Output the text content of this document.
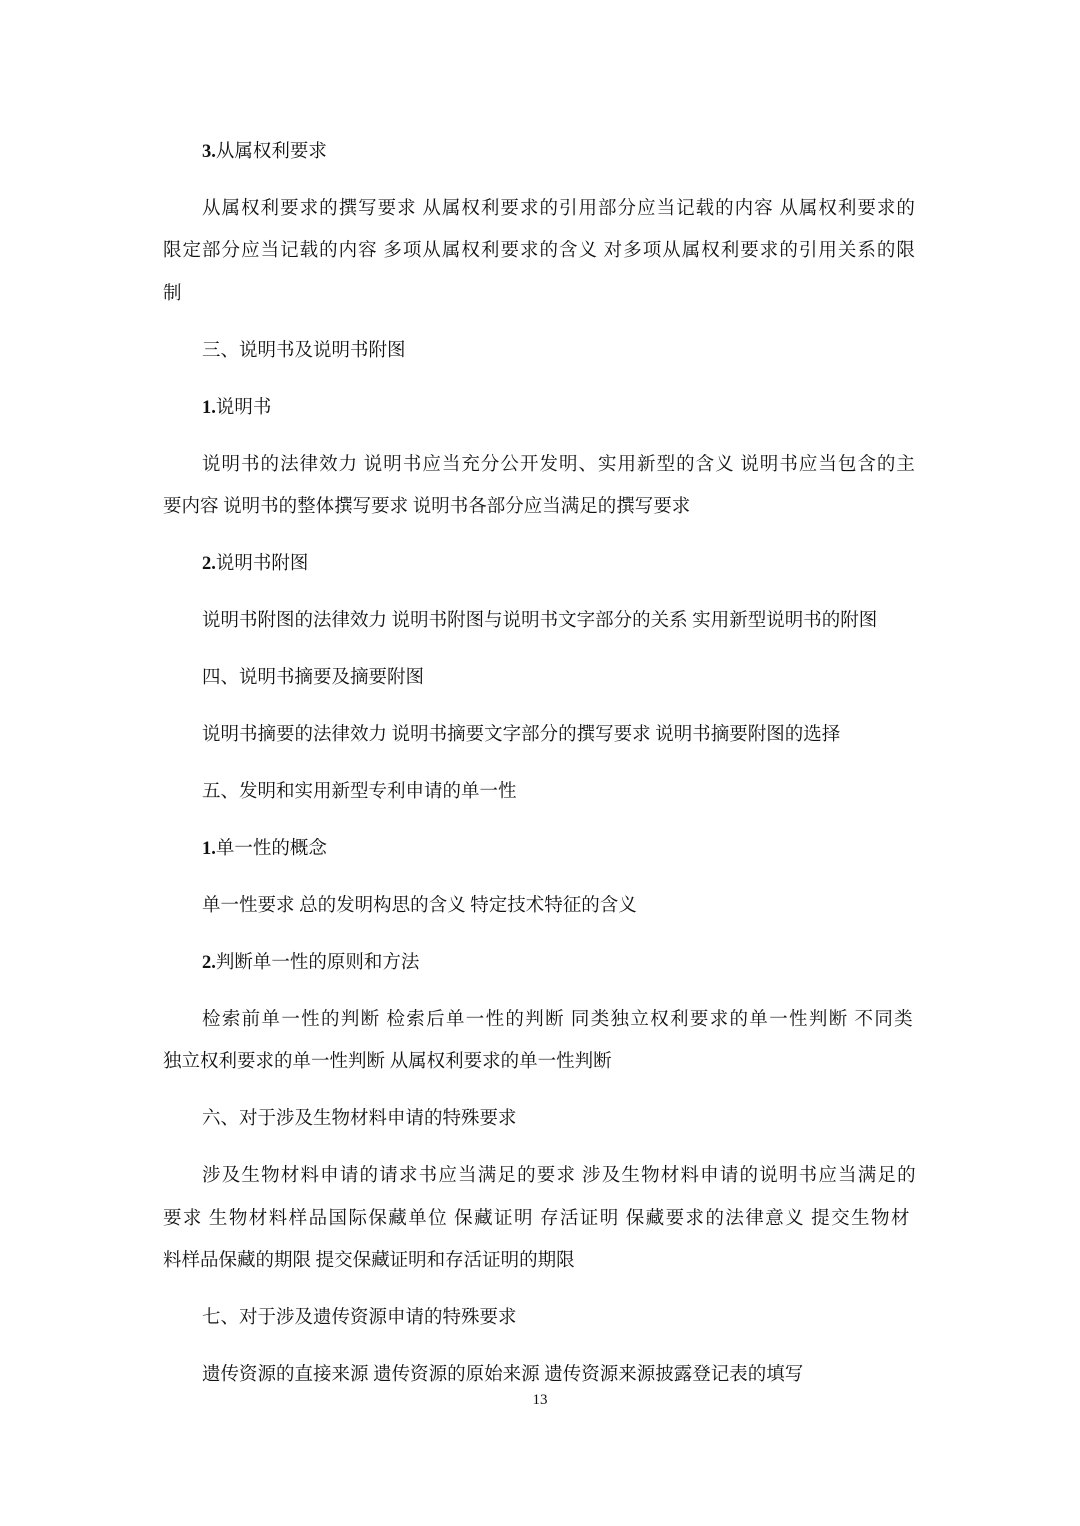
3.从属权利要求
从属权利要求的撰写要求 从属权利要求的引用部分应当记载的内容 从属权利要求的
限定部分应当记载的内容 多项从属权利要求的含义 对多项从属权利要求的引用关系的限
制
三、说明书及说明书附图
1.说明书
说明书的法律效力 说明书应当充分公开发明、实用新型的含义 说明书应当包含的主
要内容 说明书的整体撰写要求 说明书各部分应当满足的撰写要求
2.说明书附图
说明书附图的法律效力 说明书附图与说明书文字部分的关系 实用新型说明书的附图
四、说明书摘要及摘要附图
说明书摘要的法律效力 说明书摘要文字部分的撰写要求 说明书摘要附图的选择
五、发明和实用新型专利申请的单一性
1.单一性的概念
单一性要求 总的发明构思的含义 特定技术特征的含义
2.判断单一性的原则和方法
检索前单一性的判断 检索后单一性的判断 同类独立权利要求的单一性判断 不同类
独立权利要求的单一性判断 从属权利要求的单一性判断
六、对于涉及生物材料申请的特殊要求
涉及生物材料申请的请求书应当满足的要求 涉及生物材料申请的说明书应当满足的
要求 生物材料样品国际保藏单位 保藏证明 存活证明 保藏要求的法律意义 提交生物材
料样品保藏的期限 提交保藏证明和存活证明的期限
七、对于涉及遗传资源申请的特殊要求
遗传资源的直接来源 遗传资源的原始来源 遗传资源来源披露登记表的填写
13
